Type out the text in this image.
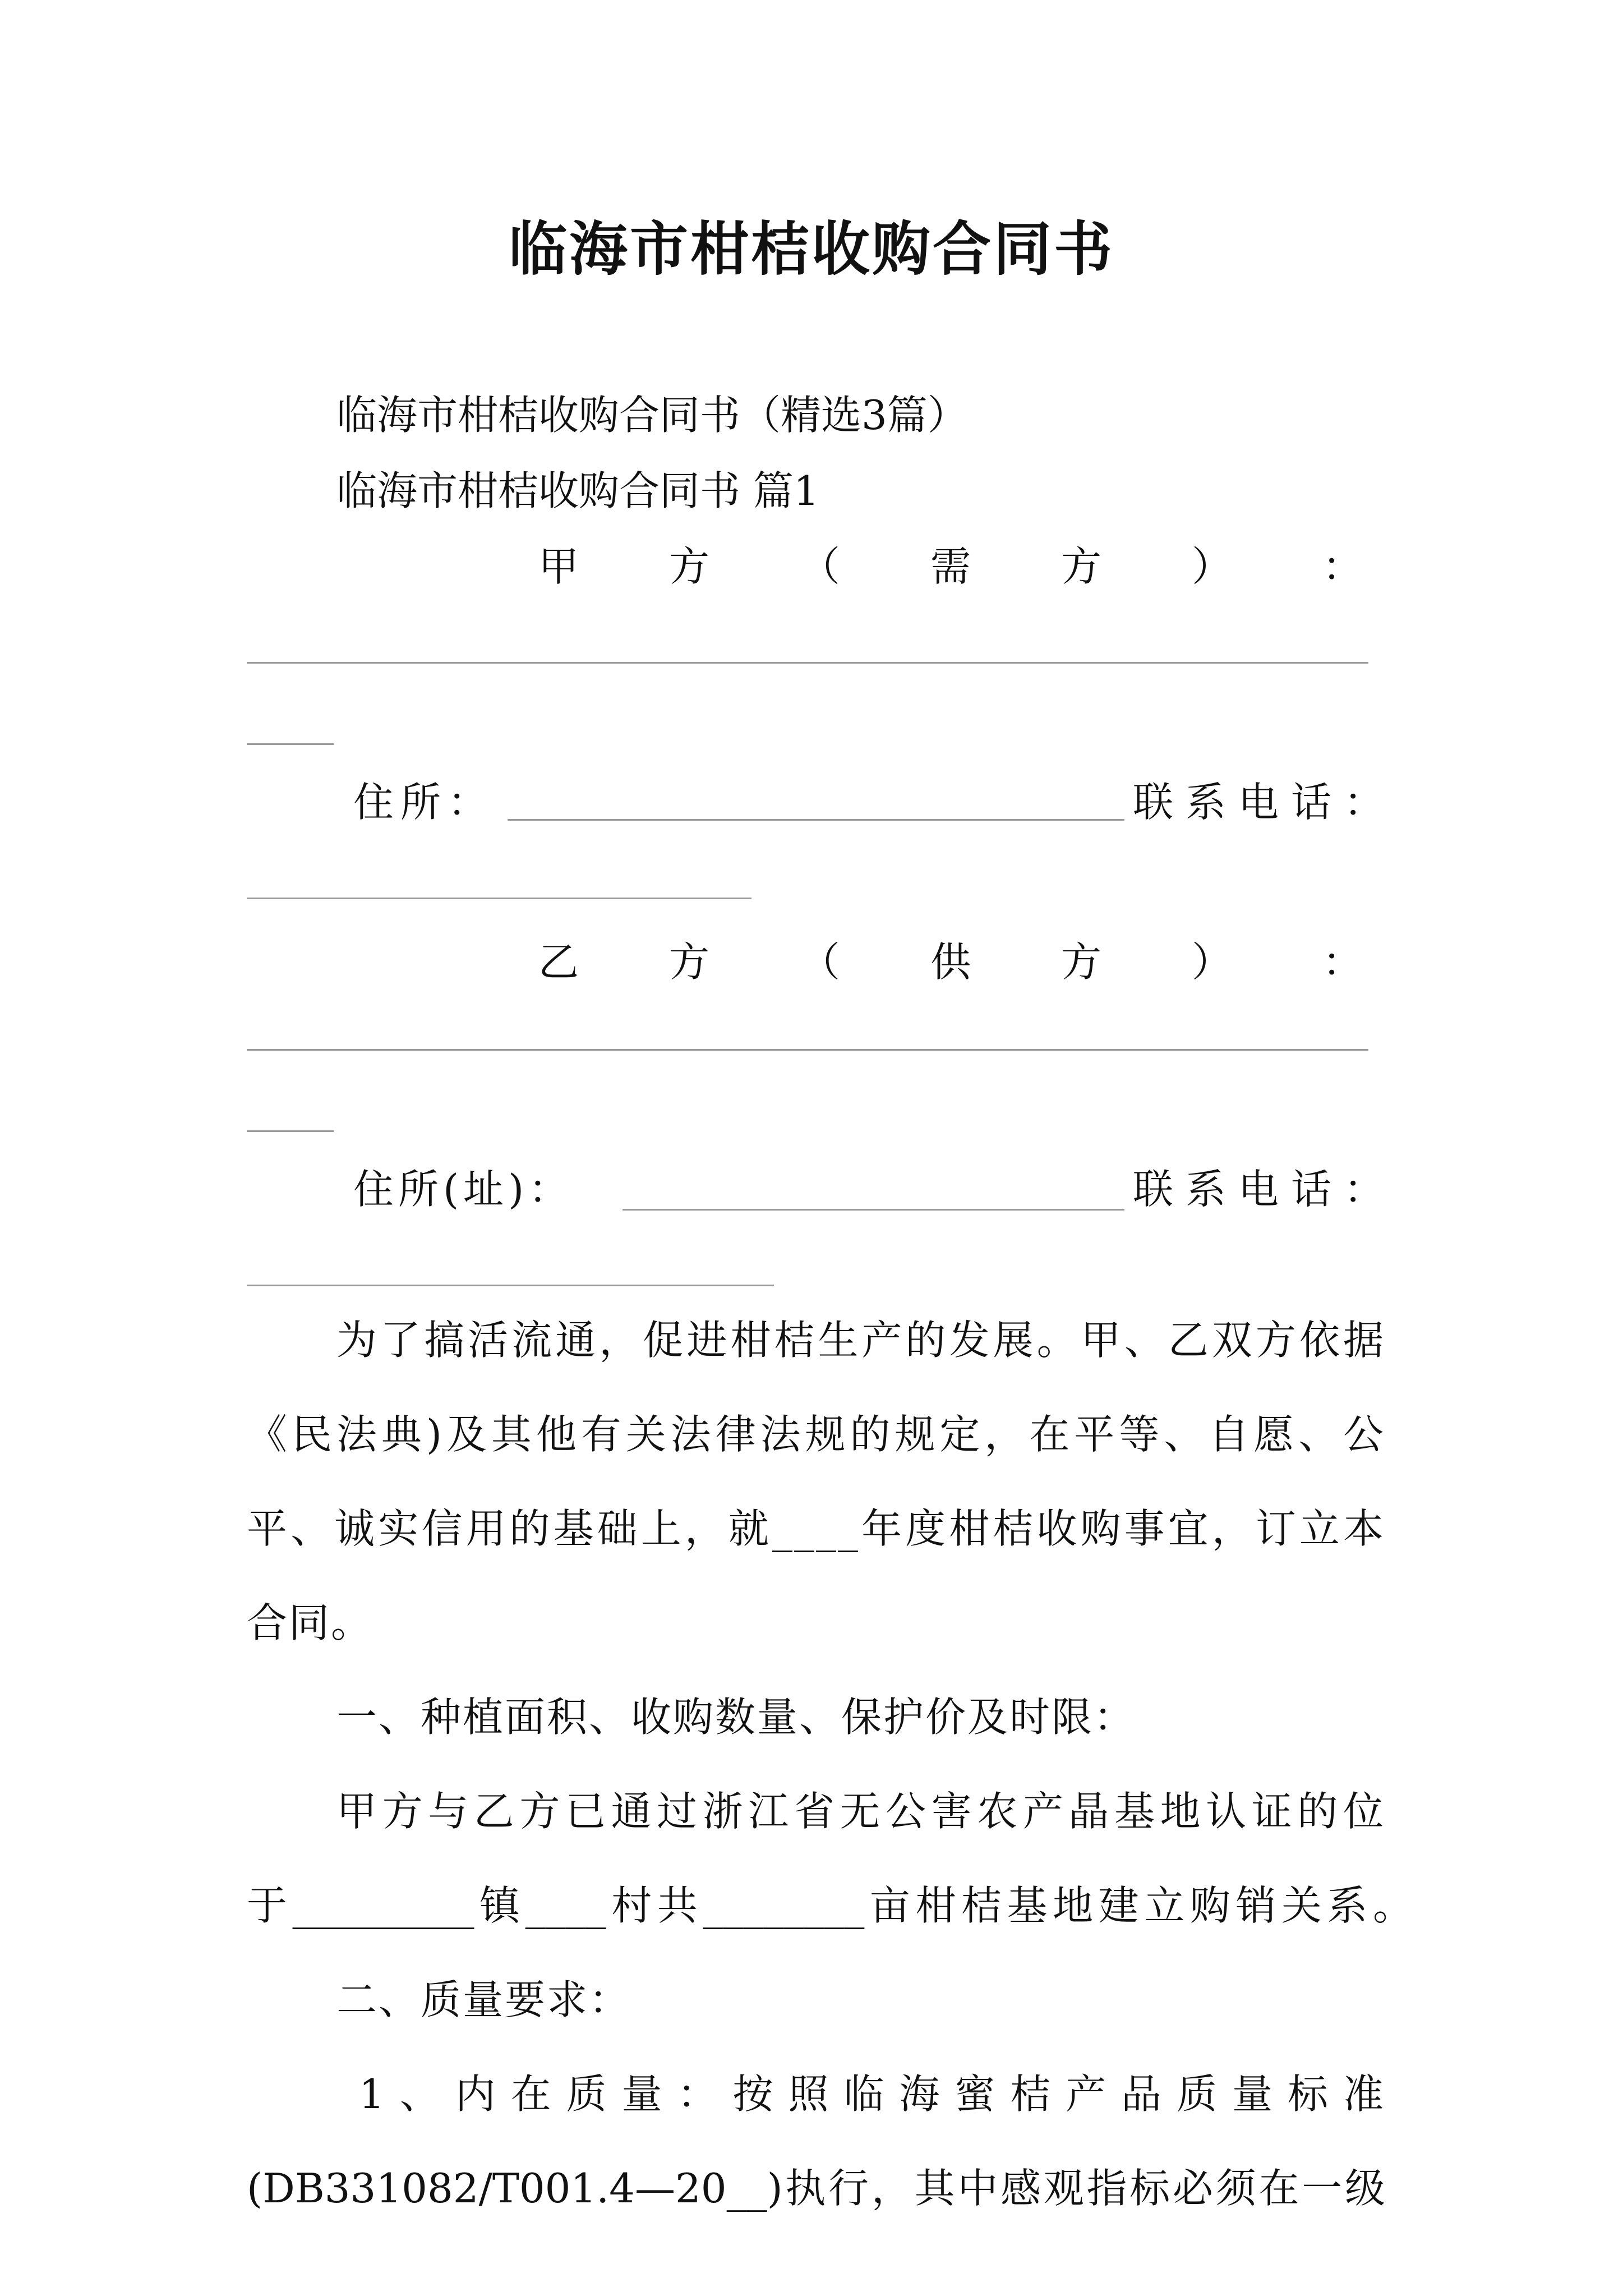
临海市柑桔收购合同书
临海市柑桔收购合同书（精选3篇）
临海市柑桔收购合同书 篇1
甲 方 （ 需 方 ） ：
住所：	联系电话：
乙 方 （ 供 方 ） ：
住所(址)：	联系电话：
为了搞活流通，促进柑桔生产的发展。甲、乙双方依据
《民法典)及其他有关法律法规的规定，在平等、自愿、公
平、诚实信用的基础上，就____年度柑桔收购事宜，订立本
合同。
一、种植面积、收购数量、保护价及时限：
甲方与乙方已通过浙江省无公害农产晶基地认证的位
于_________镇____村共________亩柑桔基地建立购销关系。
二、质量要求：
1、内在质量：按照临海蜜桔产品质量标准
(DB331082/T001.4—20__)执行，其中感观指标必须在一级
